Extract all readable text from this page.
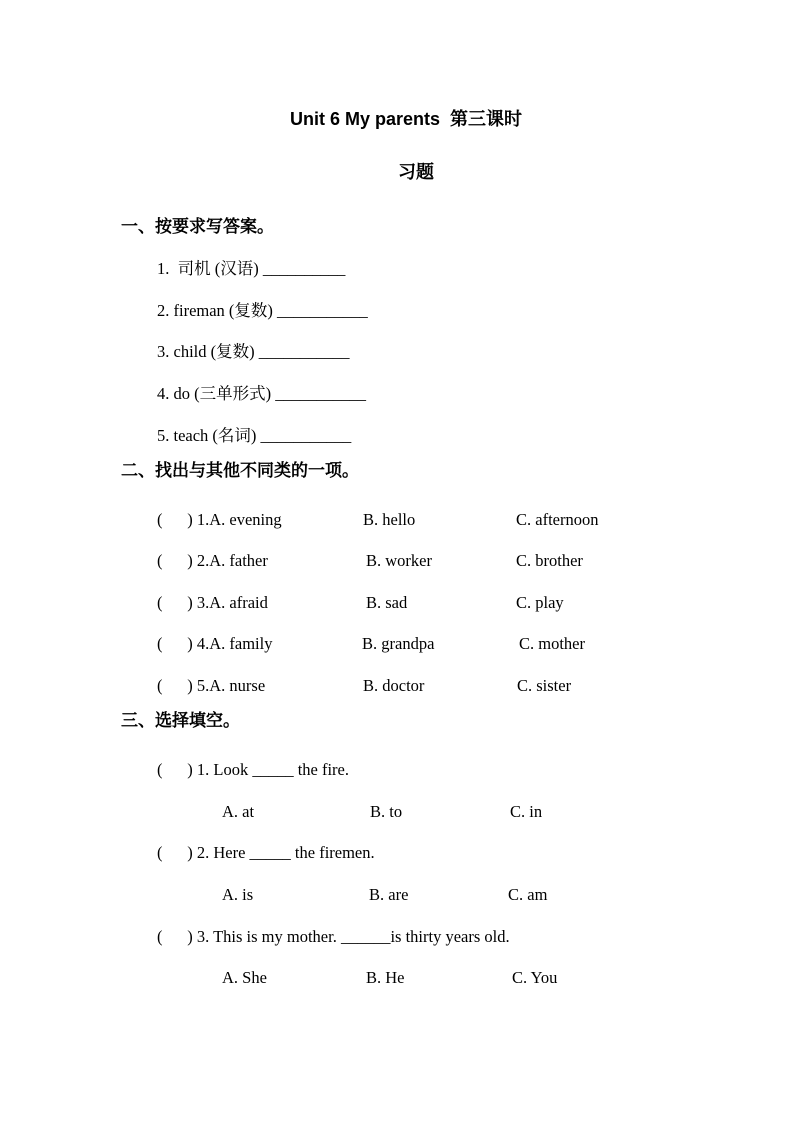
Unit 6 My parents  第三课时
习题
一、按要求写答案。
1.  司机 (汉语) __________
2. fireman (复数) ___________
3. child (复数) ___________
4. do (三单形式) ___________
5. teach (名词) ___________
二、找出与其他不同类的一项。
(      ) 1.A. evening	B. hello	C. afternoon
(      ) 2.A. father	B. worker	C. brother
(      ) 3.A. afraid	B. sad	C. play
(      ) 4.A. family	B. grandpa	C. mother
(      ) 5.A. nurse	B. doctor	C. sister
三、选择填空。
(      ) 1. Look _____ the fire.
A. at	B. to	C. in
(      ) 2. Here _____ the firemen.
A. is	B. are	C. am
(      ) 3. This is my mother. ______is thirty years old.
A. She	B. He	C. You
